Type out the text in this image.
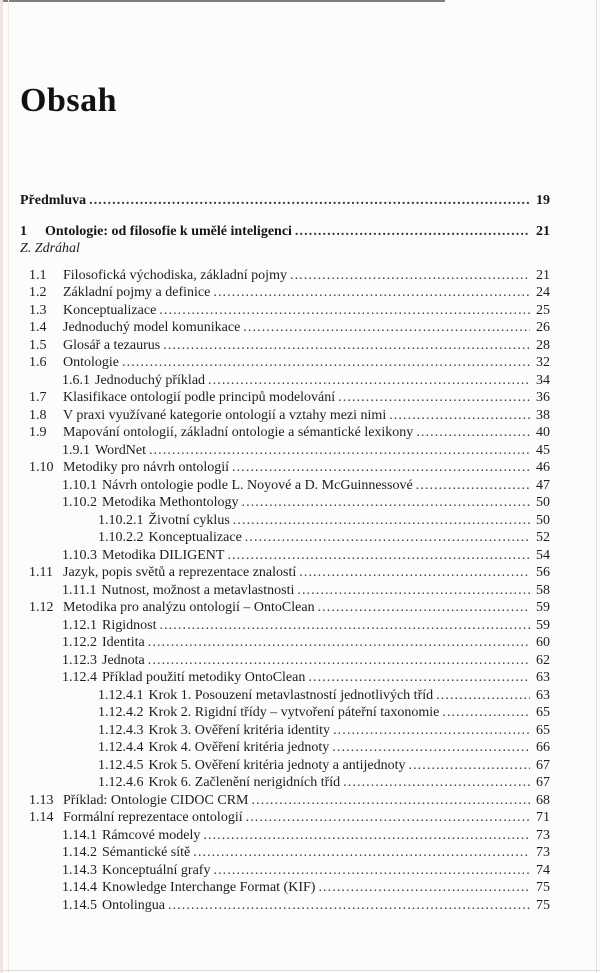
Obsah
Předmluva .....	19
1	Ontologie: od filosofie k umělé inteligenci .....	21
Z. Zdráhal
1.1	Filosofická východiska, základní pojmy .....	21
1.2	Základní pojmy a definice .....	24
1.3	Konceptualizace .....	25
1.4	Jednoduchý model komunikace .....	26
1.5	Glosář a tezaurus .....	28
1.6	Ontologie .....	32
1.6.1 Jednoduchý příklad .....	34
1.7	Klasifikace ontologií podle principů modelování .....	36
1.8	V praxi využívané kategorie ontologií a vztahy mezi nimi .....	38
1.9	Mapování ontologií, základní ontologie a sémantické lexikony .....	40
1.9.1 WordNet .....	45
1.10 Metodiky pro návrh ontologií .....	46
1.10.1 Návrh ontologie podle L. Noyové a D. McGuinnessové .....	47
1.10.2 Metodika Methontology .....	50
1.10.2.1 Životní cyklus .....	50
1.10.2.2 Konceptualizace .....	52
1.10.3 Metodika DILIGENT .....	54
1.11 Jazyk, popis světů a reprezentace znalostí .....	56
1.11.1 Nutnost, možnost a metavlastnosti .....	58
1.12 Metodika pro analýzu ontologií – OntoClean .....	59
1.12.1 Rigidnost .....	59
1.12.2 Identita .....	60
1.12.3 Jednota .....	62
1.12.4 Příklad použití metodiky OntoClean .....	63
1.12.4.1 Krok 1. Posouzení metavlastností jednotlivých tříd .....	63
1.12.4.2 Krok 2. Rigidní třídy – vytvoření páteřní taxonomie .....	65
1.12.4.3 Krok 3. Ověření kritéria identity .....	65
1.12.4.4 Krok 4. Ověření kritéria jednoty .....	66
1.12.4.5 Krok 5. Ověření kritéria jednoty a antijednoty .....	67
1.12.4.6 Krok 6. Začlenění nerigidních tříd .....	67
1.13 Příklad: Ontologie CIDOC CRM .....	68
1.14 Formální reprezentace ontologií .....	71
1.14.1 Rámcové modely .....	73
1.14.2 Sémantické sítě .....	73
1.14.3 Konceptuální grafy .....	74
1.14.4 Knowledge Interchange Format (KIF) .....	75
1.14.5 Ontolingua .....	75
